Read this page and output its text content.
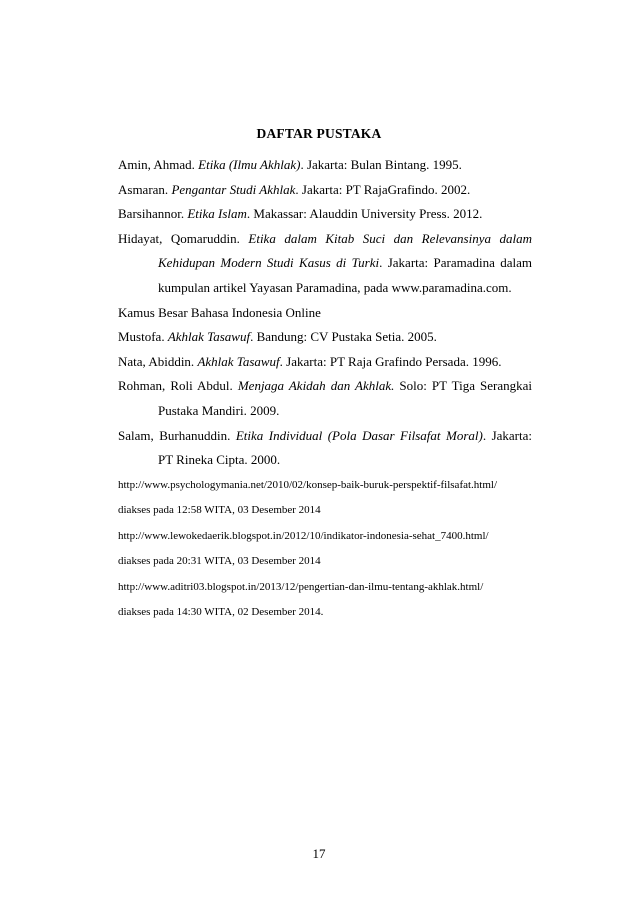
DAFTAR PUSTAKA

Amin, Ahmad. Etika (Ilmu Akhlak). Jakarta: Bulan Bintang. 1995.

Asmaran. Pengantar Studi Akhlak. Jakarta: PT RajaGrafindo. 2002.

Barsihannor. Etika Islam. Makassar: Alauddin University Press. 2012.

Hidayat, Qomaruddin. Etika dalam Kitab Suci dan Relevansinya dalam Kehidupan Modern Studi Kasus di Turki. Jakarta: Paramadina dalam kumpulan artikel Yayasan Paramadina, pada www.paramadina.com.

Kamus Besar Bahasa Indonesia Online

Mustofa. Akhlak Tasawuf. Bandung: CV Pustaka Setia. 2005.

Nata, Abiddin. Akhlak Tasawuf. Jakarta: PT Raja Grafindo Persada. 1996.

Rohman, Roli Abdul. Menjaga Akidah dan Akhlak. Solo: PT Tiga Serangkai Pustaka Mandiri. 2009.

Salam, Burhanuddin. Etika Individual (Pola Dasar Filsafat Moral). Jakarta: PT Rineka Cipta. 2000.

http://www.psychologymania.net/2010/02/konsep-baik-buruk-perspektif-filsafat.html/
diakses pada 12:58 WITA, 03 Desember 2014

http://www.lewokedaerik.blogspot.in/2012/10/indikator-indonesia-sehat_7400.html/
diakses pada 20:31 WITA, 03 Desember 2014

http://www.aditri03.blogspot.in/2013/12/pengertian-dan-ilmu-tentang-akhlak.html/
diakses pada 14:30 WITA, 02 Desember 2014.

17
